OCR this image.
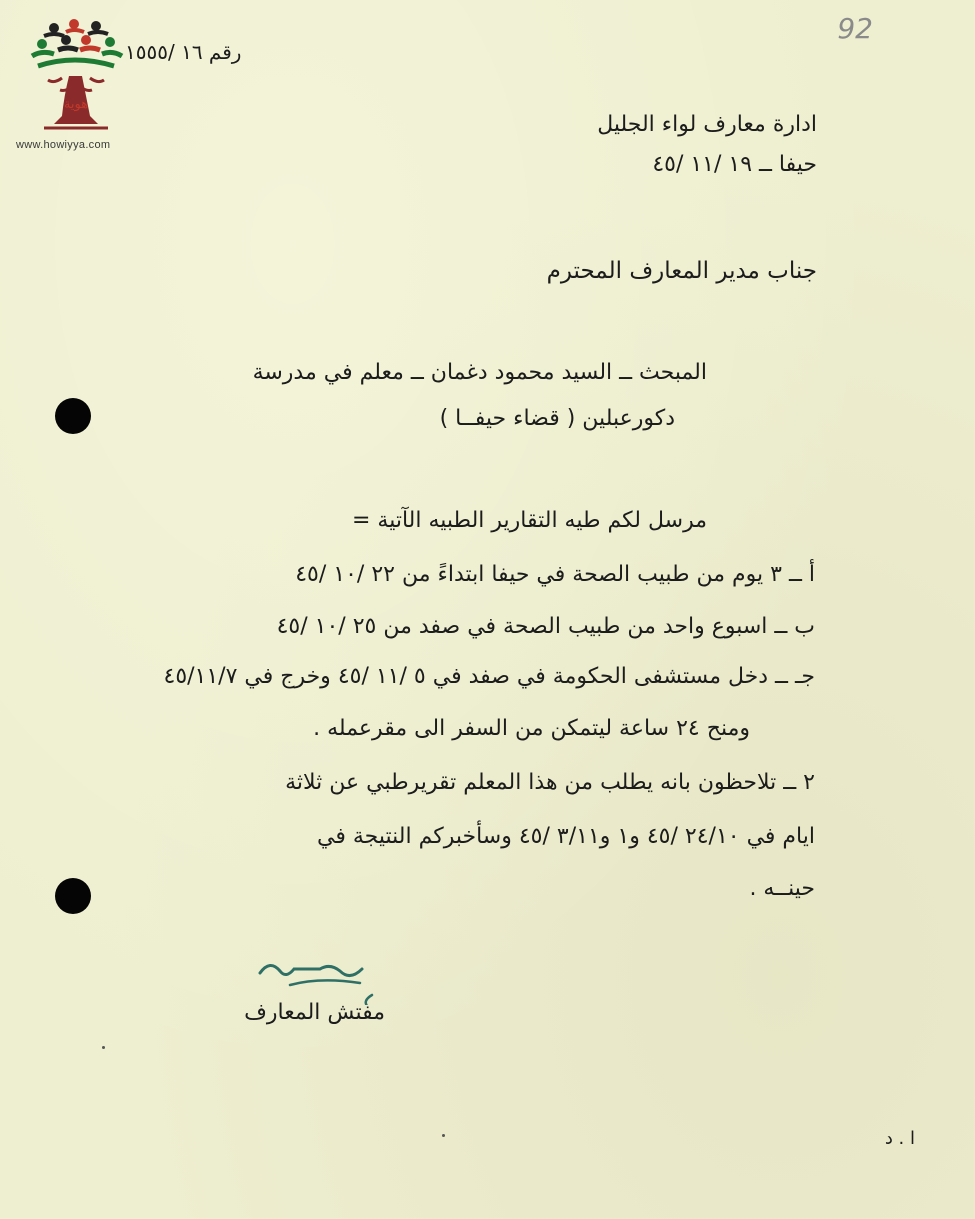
هوية
www.howiyya.com
92
رقم ١٦ /١٥٥٥
ادارة معارف لواء الجليل
حيفا ــ ١٩ /١١ /٤٥
جناب مدير المعارف المحترم
المبحث ــ السيد محمود دغمان ــ معلم في مدرسة
دكورعبلين ( قضاء حيفــا )
مرسل لكم طيه التقارير الطبيه الآتية =
أ ــ ٣ يوم من طبيب الصحة في حيفا ابتداءً من ٢٢ /١٠ /٤٥
ب ــ اسبوع واحد من طبيب الصحة في صفد من ٢٥ /١٠ /٤٥
جـ ــ دخل مستشفى الحكومة في صفد في ٥ /١١ /٤٥ وخرج في ٤٥/١١/٧
ومنح ٢٤ ساعة ليتمكن من السفر الى مقرعمله .
٢ ــ تلاحظون بانه يطلب من هذا المعلم تقريرطبي عن ثلاثة
ايام في ٢٤/١٠ /٤٥ و١ و٣/١١ /٤٥ وسأخبركم النتيجة في
حينــه .
مفتش المعارف
ا . د
